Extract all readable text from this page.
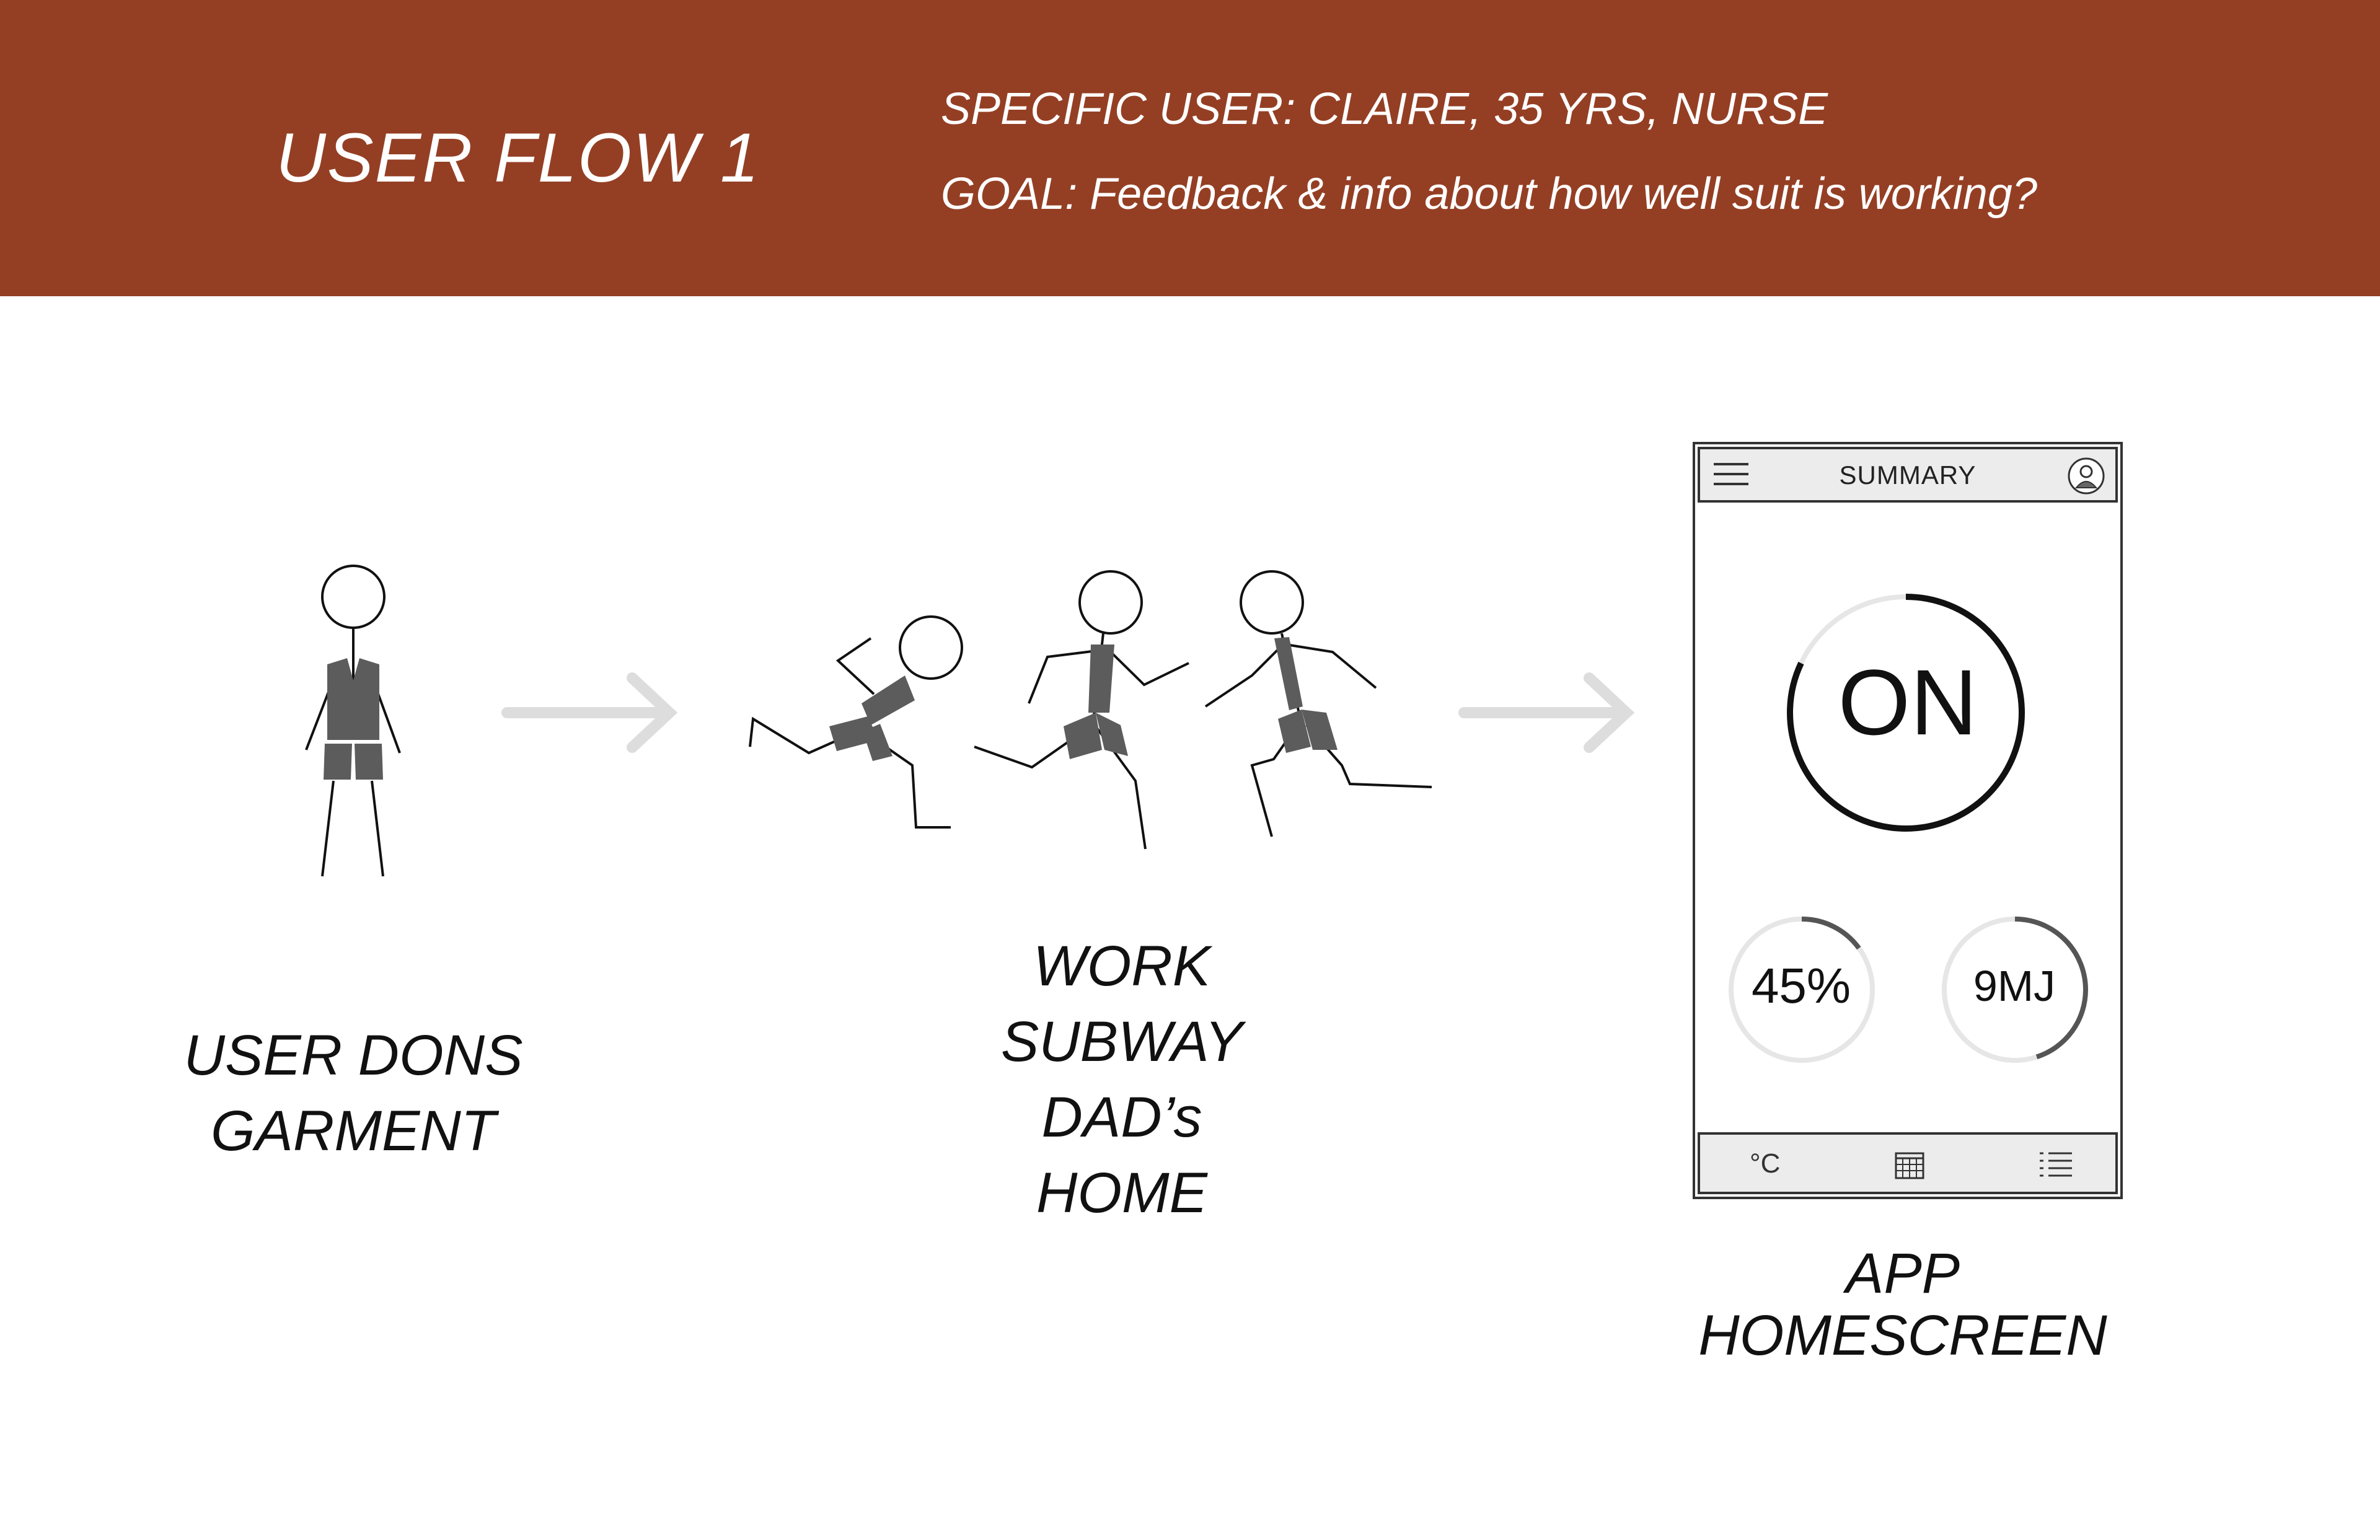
USER FLOW 1
SPECIFIC USER: CLAIRE, 35 YRS, NURSE
GOAL: Feedback & info about how well suit is working?
USER DONS
GARMENT
WORK
SUBWAY
DAD’s
HOME
APP HOMESCREEN
SUMMARY
ON
45%	9MJ
°C
